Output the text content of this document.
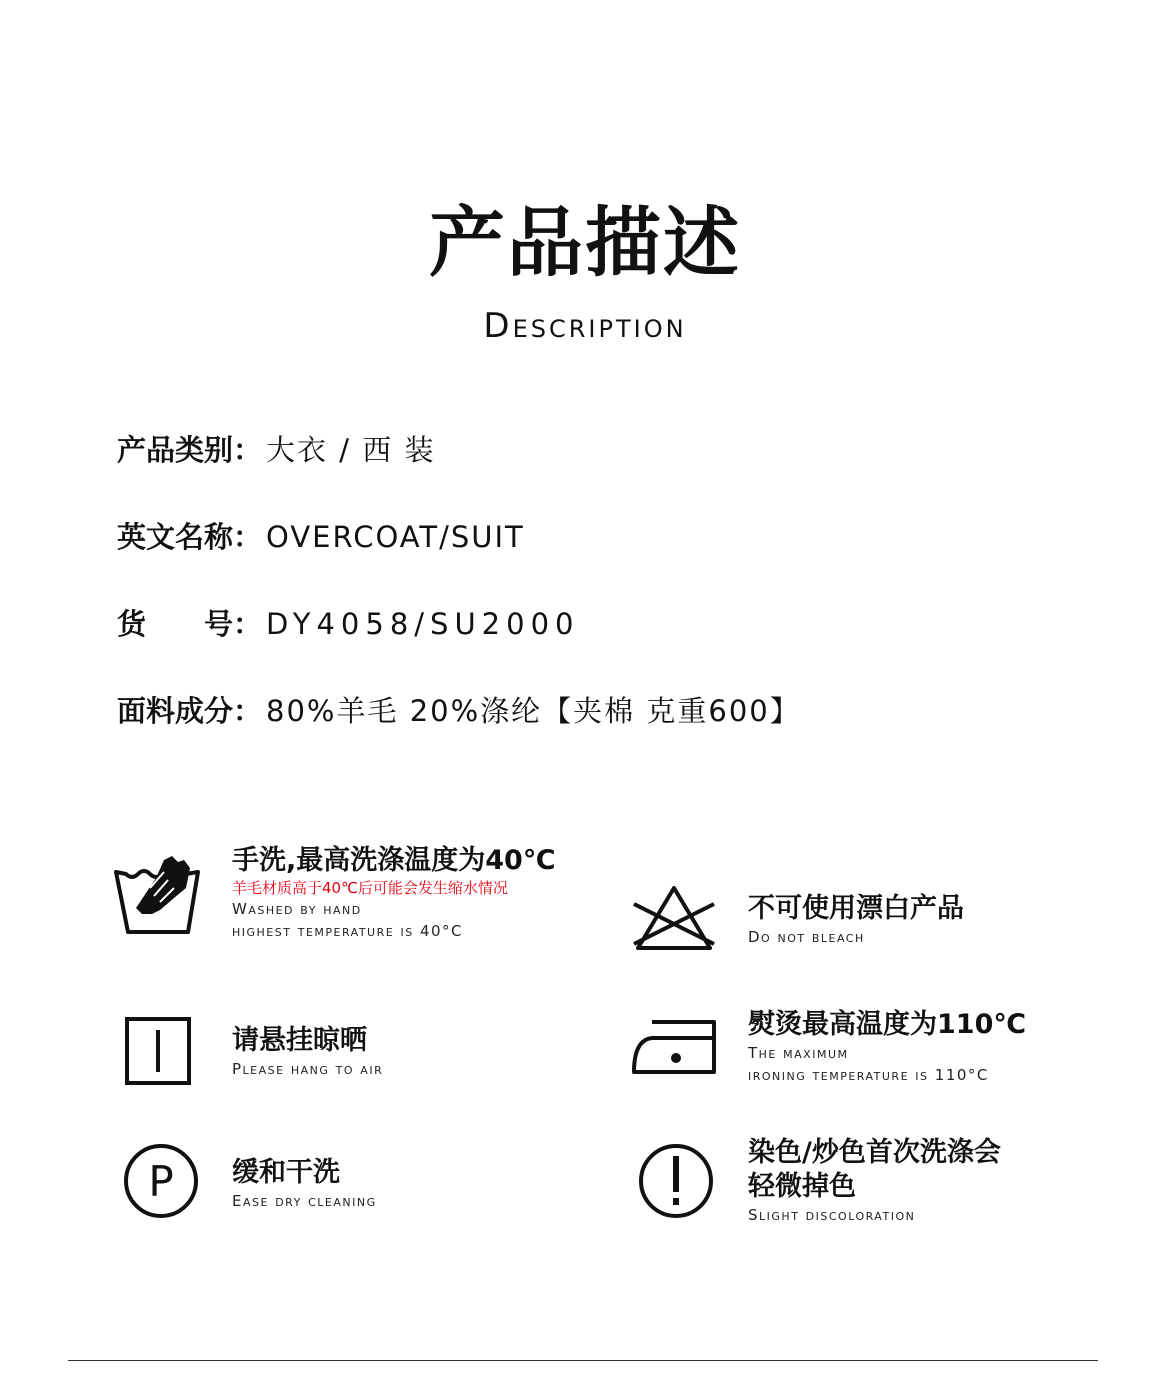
产品描述
Description
产品类别： 大衣 / 西 装
英文名称： OVERCOAT/SUIT
货　　号： DY4058/SU2000
面料成分： 80%羊毛 20%涤纶【夹棉 克重600】
手洗,最高洗涤温度为40℃
羊毛材质高于40℃后可能会发生缩水情况
Washed by hand
highest temperature is 40°C
不可使用漂白产品
Do not bleach
请悬挂晾晒
Please hang to air
熨烫最高温度为110℃
The maximum
ironing temperature is 110°C
P 缓和干洗
Ease dry cleaning
染色/炒色首次洗涤会
轻微掉色
Slight discoloration
